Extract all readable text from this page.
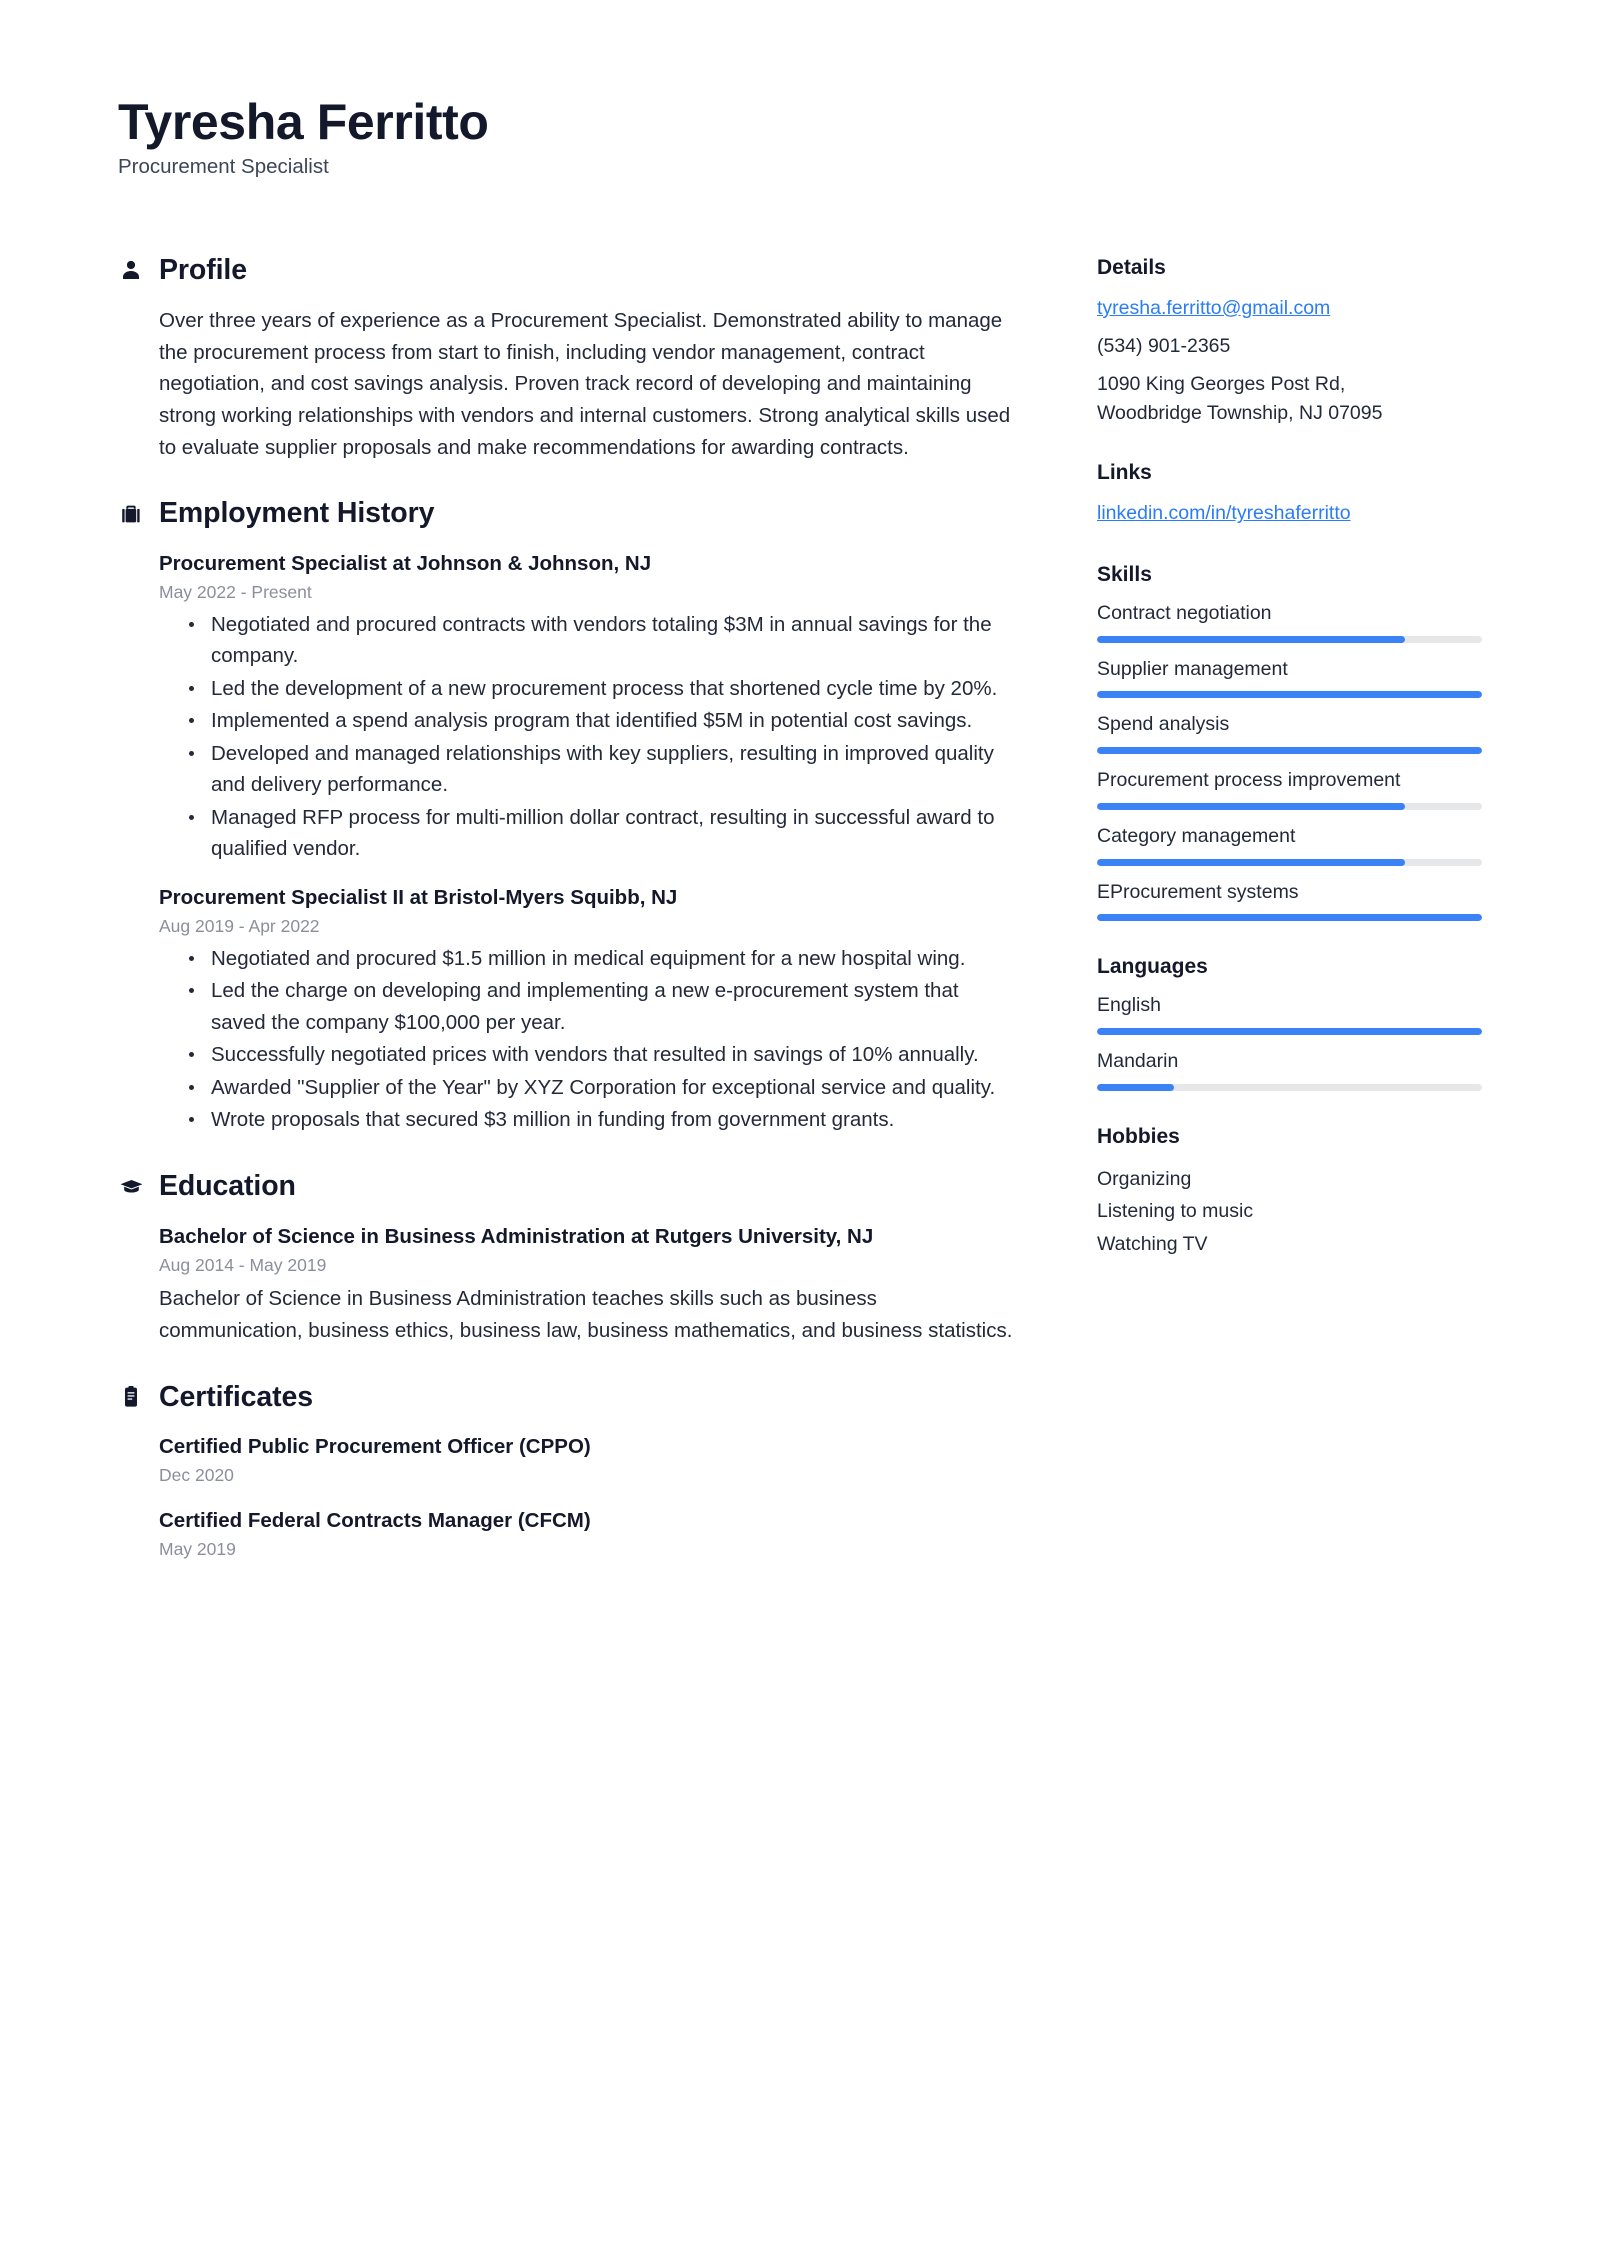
Tyresha Ferritto
Procurement Specialist
Profile

Over three years of experience as a Procurement Specialist. Demonstrated ability to manage the procurement process from start to finish, including vendor management, contract negotiation, and cost savings analysis. Proven track record of developing and maintaining strong working relationships with vendors and internal customers. Strong analytical skills used to evaluate supplier proposals and make recommendations for awarding contracts.

Employment History
Procurement Specialist at Johnson & Johnson, NJ
May 2022 - Present
Negotiated and procured contracts with vendors totaling $3M in annual savings for the company.
Led the development of a new procurement process that shortened cycle time by 20%.
Implemented a spend analysis program that identified $5M in potential cost savings.
Developed and managed relationships with key suppliers, resulting in improved quality and delivery performance.
Managed RFP process for multi-million dollar contract, resulting in successful award to qualified vendor.
Procurement Specialist II at Bristol-Myers Squibb, NJ
Aug 2019 - Apr 2022
Negotiated and procured $1.5 million in medical equipment for a new hospital wing.
Led the charge on developing and implementing a new e-procurement system that saved the company $100,000 per year.
Successfully negotiated prices with vendors that resulted in savings of 10% annually.
Awarded "Supplier of the Year" by XYZ Corporation for exceptional service and quality.
Wrote proposals that secured $3 million in funding from government grants.
Education
Bachelor of Science in Business Administration at Rutgers University, NJ
Aug 2014 - May 2019

Bachelor of Science in Business Administration teaches skills such as business communication, business ethics, business law, business mathematics, and business statistics.

Certificates
Certified Public Procurement Officer (CPPO)
Dec 2020
Certified Federal Contracts Manager (CFCM)
May 2019
Details
tyresha.ferritto@gmail.com

(534) 901-2365

1090 King Georges Post Rd,

Woodbridge Township, NJ 07095

Links
linkedin.com/in/tyreshaferritto
Skills
Contract negotiation
Supplier management
Spend analysis
Procurement process improvement
Category management
EProcurement systems
Languages
English
Mandarin
Hobbies

Organizing

Listening to music

Watching TV
